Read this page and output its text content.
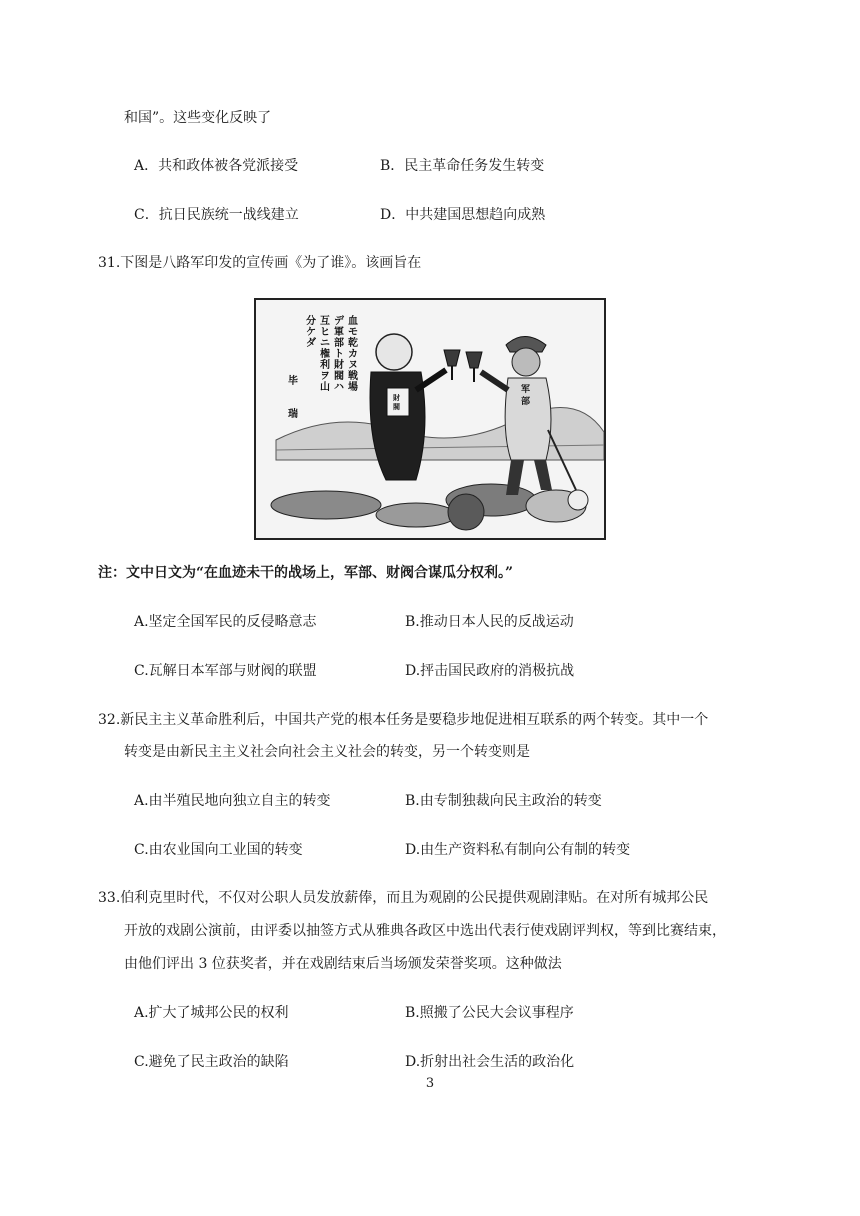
和国”。这些变化反映了
A．共和政体被各党派接受	B．民主革命任务发生转变
C．抗日民族统一战线建立	D．中共建国思想趋向成熟
31.下图是八路军印发的宣传画《为了谁》。该画旨在
血モ乾カヌ戦場
デ軍部ト財閥ハ
互ヒニ権利ヲ山
分ケダ
毕 瑞
財閥
军部
注：文中日文为“在血迹未干的战场上，军部、财阀合谋瓜分权利。”
A.坚定全国军民的反侵略意志	B.推动日本人民的反战运动
C.瓦解日本军部与财阀的联盟	D.抨击国民政府的消极抗战
32.新民主主义革命胜利后，中国共产党的根本任务是要稳步地促进相互联系的两个转变。其中一个
转变是由新民主主义社会向社会主义社会的转变，另一个转变则是
A.由半殖民地向独立自主的转变	B.由专制独裁向民主政治的转变
C.由农业国向工业国的转变	D.由生产资料私有制向公有制的转变
33.伯利克里时代，不仅对公职人员发放薪俸，而且为观剧的公民提供观剧津贴。在对所有城邦公民
开放的戏剧公演前，由评委以抽签方式从雅典各政区中选出代表行使戏剧评判权，等到比赛结束，
由他们评出 3 位获奖者，并在戏剧结束后当场颁发荣誉奖项。这种做法
A.扩大了城邦公民的权利	B.照搬了公民大会议事程序
C.避免了民主政治的缺陷	D.折射出社会生活的政治化
3
